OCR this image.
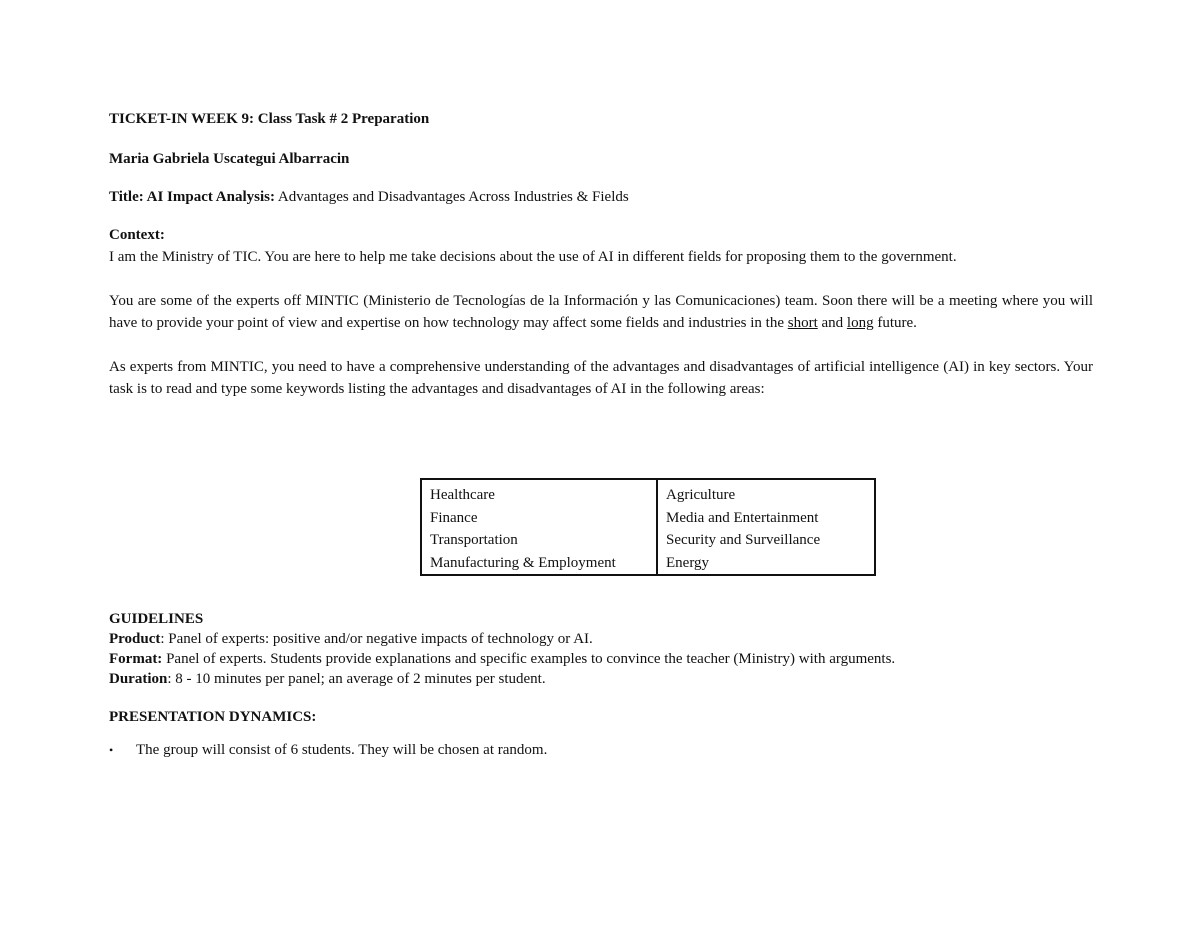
TICKET-IN WEEK 9: Class Task # 2 Preparation

Maria Gabriela Uscategui Albarracin

Title: AI Impact Analysis: Advantages and Disadvantages Across Industries & Fields

Context:

I am the Ministry of TIC. You are here to help me take decisions about the use of AI in different fields for proposing them to the government.

You are some of the experts off MINTIC (Ministerio de Tecnologías de la Información y las Comunicaciones) team. Soon there will be a meeting where you will have to provide your point of view and expertise on how technology may affect some fields and industries in the short and long future.

As experts from MINTIC, you need to have a comprehensive understanding of the advantages and disadvantages of artificial intelligence (AI) in key sectors. Your task is to read and type some keywords listing the advantages and disadvantages of AI in the following areas:

Healthcare	Agriculture
Finance	Media and Entertainment
Transportation	Security and Surveillance
Manufacturing & Employment	Energy

GUIDELINES

Product: Panel of experts: positive and/or negative impacts of technology or AI.

Format: Panel of experts. Students provide explanations and specific examples to convince the teacher (Ministry) with arguments.

Duration: 8 - 10 minutes per panel; an average of 2 minutes per student.

PRESENTATION DYNAMICS:

•	The group will consist of 6 students. They will be chosen at random.
